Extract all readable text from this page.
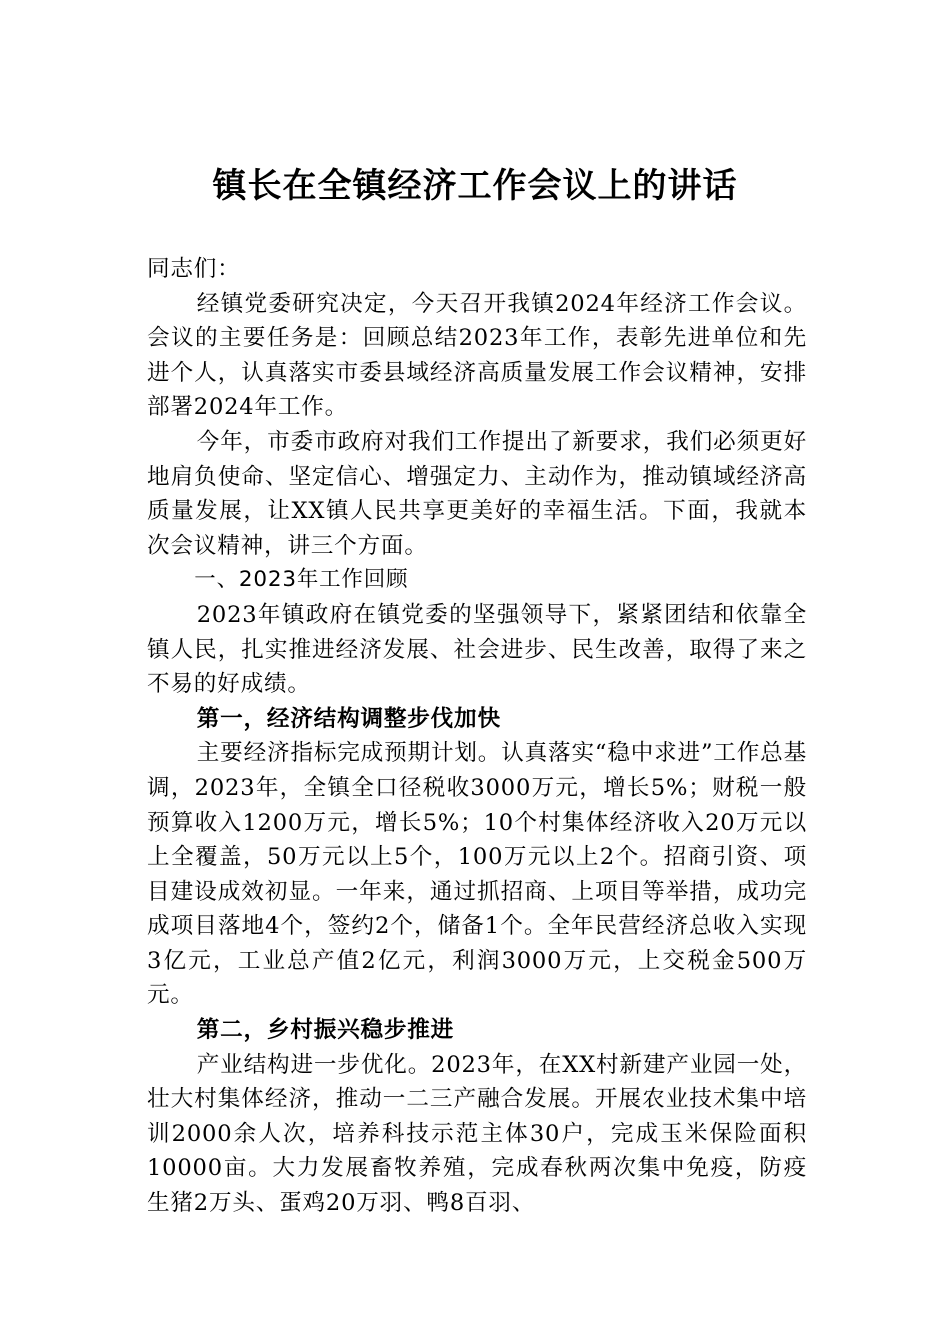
镇长在全镇经济工作会议上的讲话

同志们：

经镇党委研究决定，今天召开我镇2024年经济工作会议。会议的主要任务是：回顾总结2023年工作，表彰先进单位和先进个人，认真落实市委县域经济高质量发展工作会议精神，安排部署2024年工作。

今年，市委市政府对我们工作提出了新要求，我们必须更好地肩负使命、坚定信心、增强定力、主动作为，推动镇域经济高质量发展，让XX镇人民共享更美好的幸福生活。下面，我就本次会议精神，讲三个方面。

一、2023年工作回顾

2023年镇政府在镇党委的坚强领导下，紧紧团结和依靠全镇人民，扎实推进经济发展、社会进步、民生改善，取得了来之不易的好成绩。

第一，经济结构调整步伐加快

主要经济指标完成预期计划。认真落实“稳中求进”工作总基调，2023年，全镇全口径税收3000万元，增长5%；财税一般预算收入1200万元，增长5%；10个村集体经济收入20万元以上全覆盖，50万元以上5个，100万元以上2个。招商引资、项目建设成效初显。一年来，通过抓招商、上项目等举措，成功完成项目落地4个，签约2个，储备1个。全年民营经济总收入实现3亿元，工业总产值2亿元，利润3000万元，上交税金500万元。

第二，乡村振兴稳步推进

产业结构进一步优化。2023年，在XX村新建产业园一处，壮大村集体经济，推动一二三产融合发展。开展农业技术集中培训2000余人次，培养科技示范主体30户，完成玉米保险面积10000亩。大力发展畜牧养殖，完成春秋两次集中免疫，防疫生猪2万头、蛋鸡20万羽、鸭8百羽、
